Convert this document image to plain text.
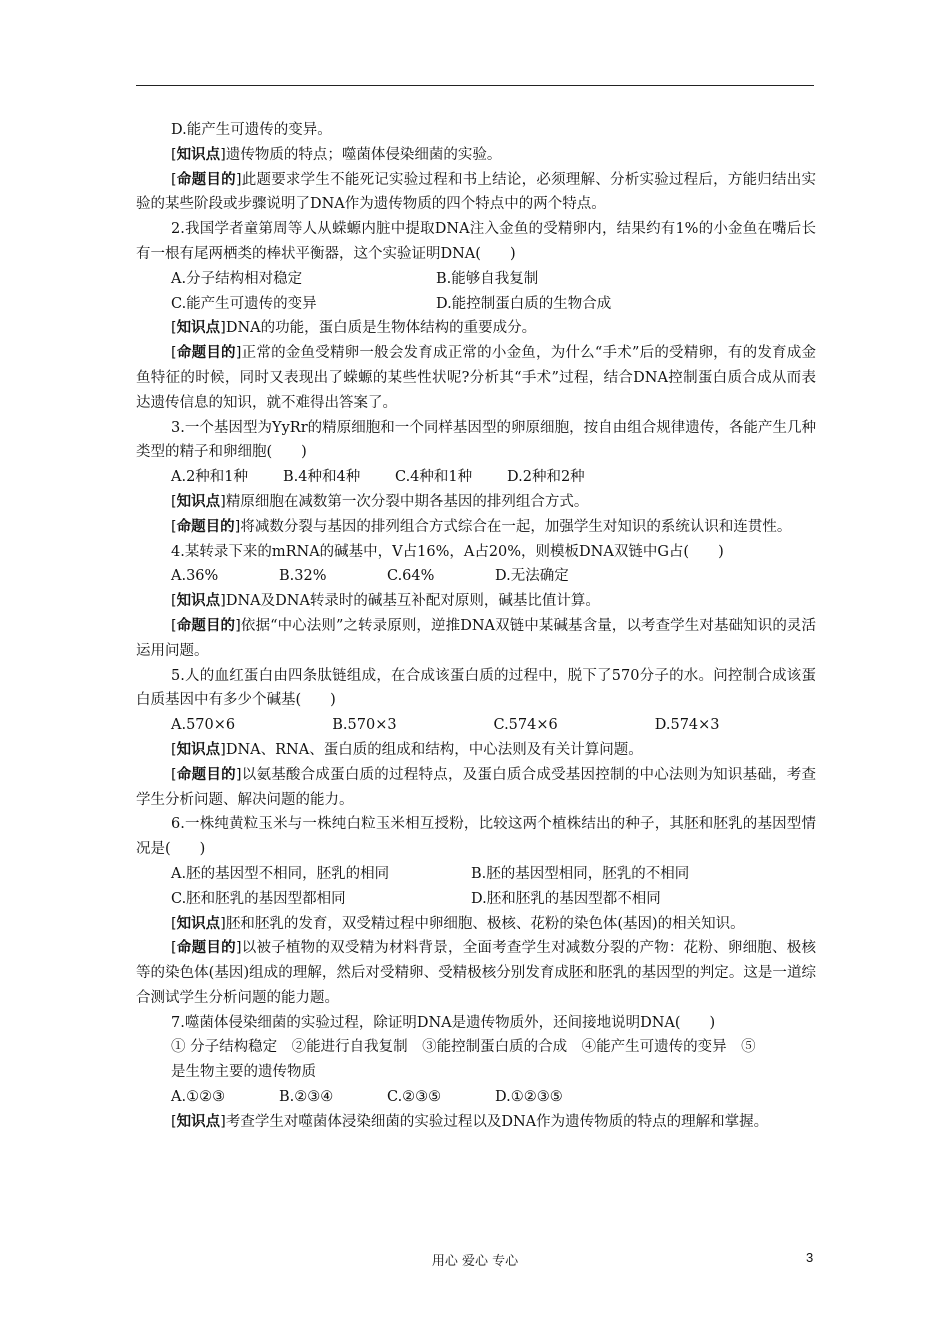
D.能产生可遗传的变异。

[ 知识点 ] 遗传物质的特点；噬菌体侵染细菌的实验。

[ 命题目的 ] 此题要求学生不能死记实验过程和书上结论，必须理解、分析实验过程后，方能归结出实验的某些阶段或步骤说明了DNA作为遗传物质的四个特点中的两个特点。

2.我国学者童第周等人从蝾螈内脏中提取DNA注入金鱼的受精卵内，结果约有1%的小金鱼在嘴后长有一根有尾两栖类的棒状平衡器，这个实验证明DNA(　　)

A.分子结构相对稳定	B.能够自我复制
C.能产生可遗传的变异	D.能控制蛋白质的生物合成

[ 知识点 ] DNA的功能，蛋白质是生物体结构的重要成分。

[ 命题目的 ] 正常的金鱼受精卵一般会发育成正常的小金鱼，为什么“手术”后的受精卵，有的发育成金鱼特征的时候，同时又表现出了蝾螈的某些性状呢?分析其“手术”过程，结合DNA控制蛋白质合成从而表达遗传信息的知识，就不难得出答案了。

3.一个基因型为YyRr的精原细胞和一个同样基因型的卵原细胞，按自由组合规律遗传，各能产生几种类型的精子和卵细胞(　　)

A.2种和1种	B.4种和4种	C.4种和1种	D.2种和2种

[ 知识点 ] 精原细胞在减数第一次分裂中期各基因的排列组合方式。

[ 命题目的 ] 将减数分裂与基因的排列组合方式综合在一起，加强学生对知识的系统认识和连贯性。

4.某转录下来的mRNA的碱基中，V占16%，A占20%，则模板DNA双链中G占(　　)

A.36%	B.32%	C.64%	D.无法确定

[ 知识点 ] DNA及DNA转录时的碱基互补配对原则，碱基比值计算。

[ 命题目的 ] 依据“中心法则”之转录原则，逆推DNA双链中某碱基含量，以考查学生对基础知识的灵活运用问题。

5.人的血红蛋白由四条肽链组成，在合成该蛋白质的过程中，脱下了570分子的水。问控制合成该蛋白质基因中有多少个碱基(　　)

A.570×6	B.570×3	C.574×6	D.574×3

[ 知识点 ] DNA、RNA、蛋白质的组成和结构，中心法则及有关计算问题。

[ 命题目的 ] 以氨基酸合成蛋白质的过程特点，及蛋白质合成受基因控制的中心法则为知识基础，考查学生分析问题、解决问题的能力。

6.一株纯黄粒玉米与一株纯白粒玉米相互授粉，比较这两个植株结出的种子，其胚和胚乳的基因型情况是(　　)

A.胚的基因型不相同，胚乳的相同	B.胚的基因型相同，胚乳的不相同
C.胚和胚乳的基因型都相同	D.胚和胚乳的基因型都不相同

[ 知识点 ] 胚和胚乳的发育，双受精过程中卵细胞、极核、花粉的染色体(基因)的相关知识。

[ 命题目的 ] 以被子植物的双受精为材料背景，全面考查学生对减数分裂的产物：花粉、卵细胞、极核等的染色体(基因)组成的理解，然后对受精卵、受精极核分别发育成胚和胚乳的基因型的判定。这是一道综合测试学生分析问题的能力题。

7.噬菌体侵染细菌的实验过程，除证明DNA是遗传物质外，还间接地说明DNA(　　)

① 分子结构稳定　②能进行自我复制　③能控制蛋白质的合成　④能产生可遗传的变异　⑤

是生物主要的遗传物质

A.①②③	B.②③④	C.②③⑤	D.①②③⑤

[ 知识点 ] 考查学生对噬菌体浸染细菌的实验过程以及DNA作为遗传物质的特点的理解和掌握。

用心 爱心 专心	3
